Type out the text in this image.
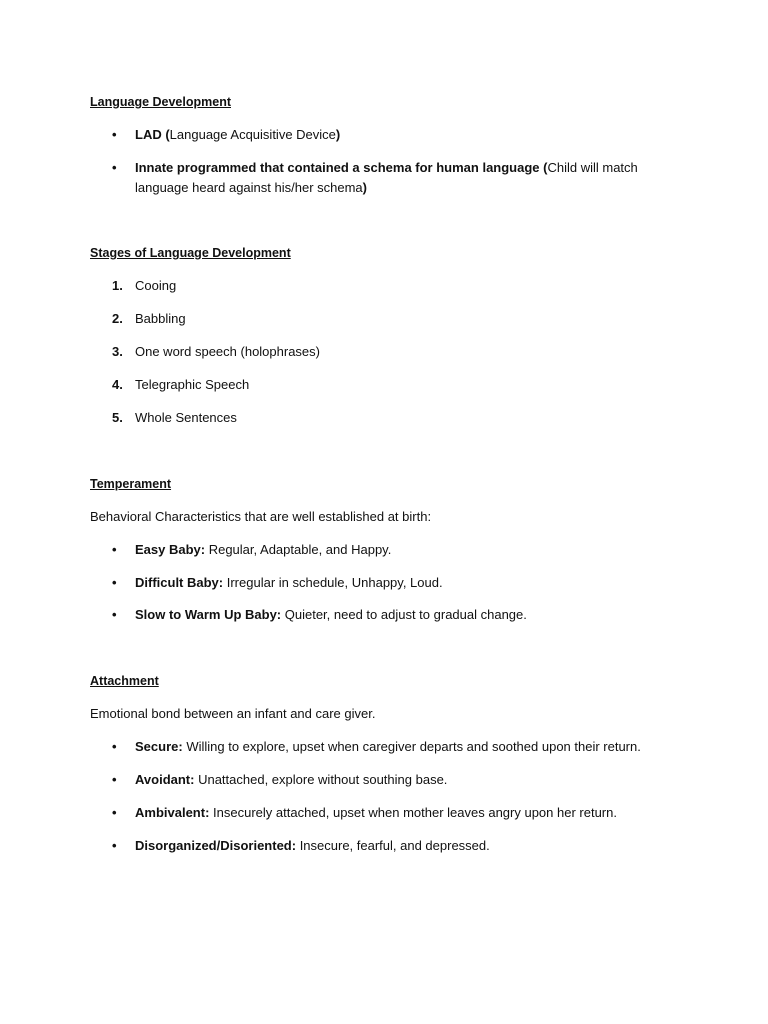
Language Development
•	LAD (Language Acquisitive Device)
•	Innate programmed that contained a schema for human language (Child will match language heard against his/her schema)
Stages of Language Development
1. Cooing
2. Babbling
3. One word speech (holophrases)
4. Telegraphic Speech
5. Whole Sentences
Temperament
Behavioral Characteristics that are well established at birth:
•	Easy Baby: Regular, Adaptable, and Happy.
•	Difficult Baby: Irregular in schedule, Unhappy, Loud.
•	Slow to Warm Up Baby: Quieter, need to adjust to gradual change.
Attachment
Emotional bond between an infant and care giver.
•	Secure: Willing to explore, upset when caregiver departs and soothed upon their return.
•	Avoidant: Unattached, explore without southing base.
•	Ambivalent: Insecurely attached, upset when mother leaves angry upon her return.
•	Disorganized/Disoriented: Insecure, fearful, and depressed.
